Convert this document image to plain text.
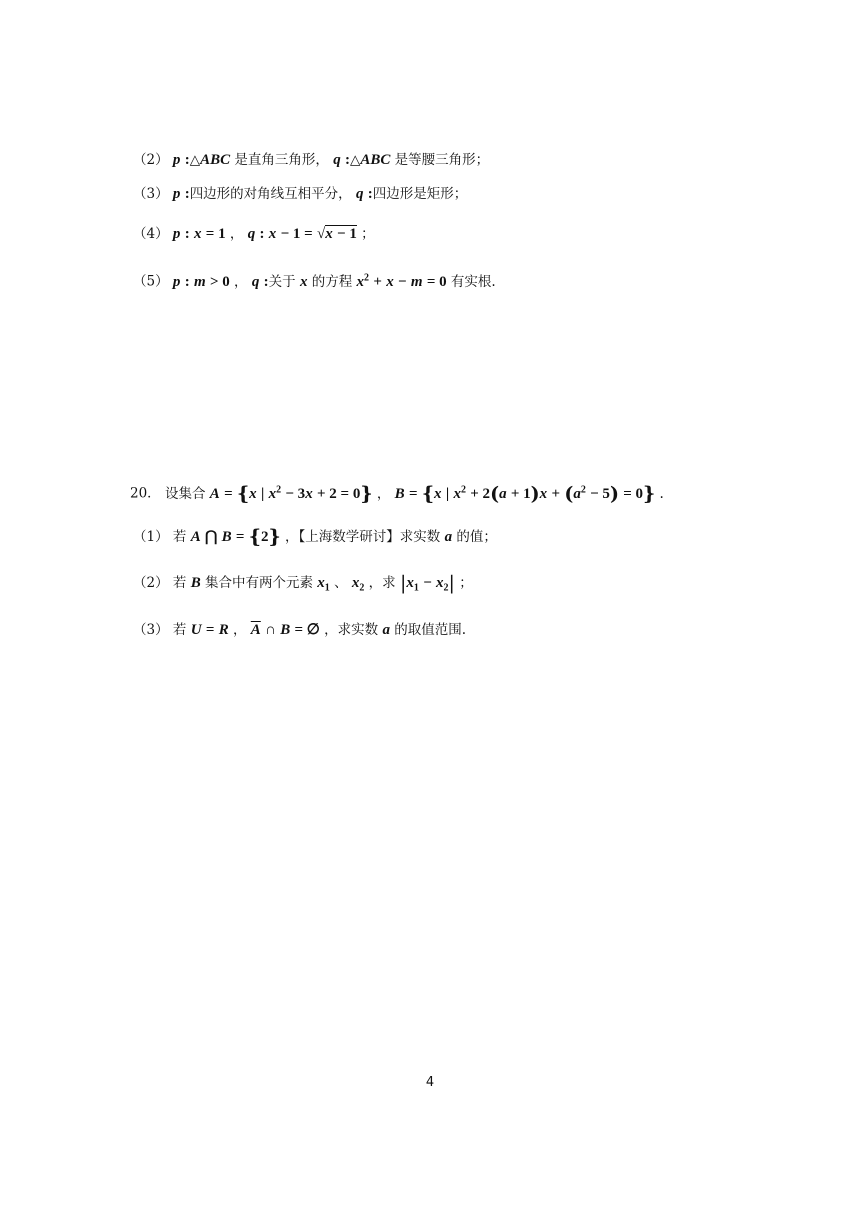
（2） p :△ABC 是直角三角形， q :△ABC 是等腰三角形；
（3） p :四边形的对角线互相平分， q :四边形是矩形；
（4） p : x = 1 ， q : x − 1 = √x − 1 ；
（5） p : m > 0 ， q :关于 x 的方程 $x^2 + x - m = 0$ 有实根.
20． 设集合 A = {x | $x^2 - 3x + 2 = 0$} ， B = {x | $x^2 + 2(a + 1)x + (a^2 - 5) = 0$} .
（1） 若 A ⋂ B = {2} ，【上海数学研讨】求实数 a 的值；
（2） 若 B 集合中有两个元素 $x_1$ 、 $x_2$ ，求 $|x_1 - x_2|$ ；
（3） 若 U = R ， $\overline{A}$ ∩ B = ∅ ，求实数 a 的取值范围.
4
